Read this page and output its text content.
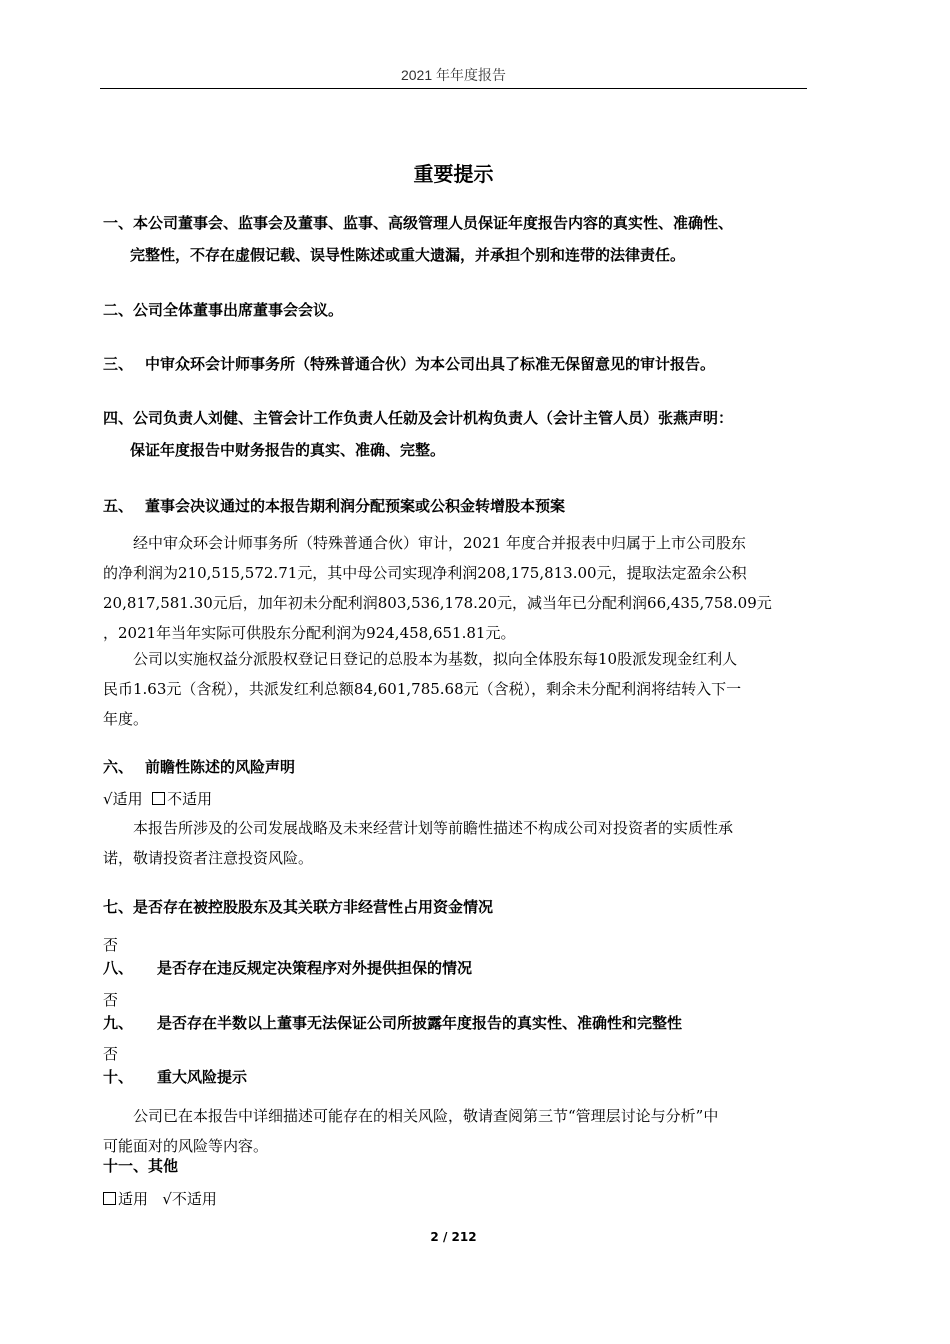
2021 年年度报告
重要提示
一、本公司董事会、监事会及董事、监事、高级管理人员保证年度报告内容的真实性、准确性、
完整性，不存在虚假记载、误导性陈述或重大遗漏，并承担个别和连带的法律责任。
二、公司全体董事出席董事会会议。
三、 中审众环会计师事务所（特殊普通合伙）为本公司出具了标准无保留意见的审计报告。
四、公司负责人刘健、主管会计工作负责人任勍及会计机构负责人（会计主管人员）张燕声明：
保证年度报告中财务报告的真实、准确、完整。
五、 董事会决议通过的本报告期利润分配预案或公积金转增股本预案
　　经中审众环会计师事务所（特殊普通合伙）审计，2021 年度合并报表中归属于上市公司股东
的净利润为210,515,572.71元，其中母公司实现净利润208,175,813.00元，提取法定盈余公积
20,817,581.30元后，加年初未分配利润803,536,178.20元，减当年已分配利润66,435,758.09元
，2021年当年实际可供股东分配利润为924,458,651.81元。
　　公司以实施权益分派股权登记日登记的总股本为基数，拟向全体股东每10股派发现金红利人
民币1.63元（含税），共派发红利总额84,601,785.68元（含税），剩余未分配利润将结转入下一
年度。
六、 前瞻性陈述的风险声明
√适用 不适用
　　本报告所涉及的公司发展战略及未来经营计划等前瞻性描述不构成公司对投资者的实质性承
诺，敬请投资者注意投资风险。
七、是否存在被控股股东及其关联方非经营性占用资金情况
否
八、 是否存在违反规定决策程序对外提供担保的情况
否
九、 是否存在半数以上董事无法保证公司所披露年度报告的真实性、准确性和完整性
否
十、 重大风险提示
　　公司已在本报告中详细描述可能存在的相关风险，敬请查阅第三节“管理层讨论与分析”中
可能面对的风险等内容。
十一、其他
适用 √不适用
2 / 212
